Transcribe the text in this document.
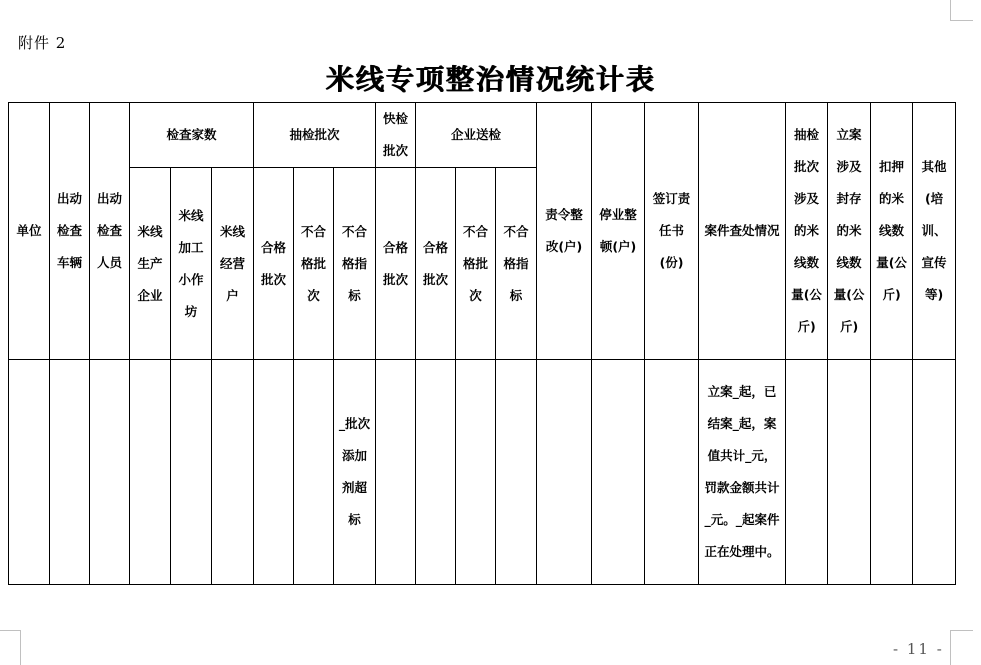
附件 2
米线专项整治情况统计表
单位	出动检查车辆	出动检查人员	检查家数			抽检批次			快检批次	企业送检			责令整改(户)	停业整顿(户)	签订责任书(份)	案件查处情况	抽检批次涉及的米线数量(公斤)	立案涉及封存的米线数量(公斤)	扣押的米线数量(公斤)	其他(培训、宣传等)
			米线生产企业	米线加工小作坊	米线经营户	合格批次	不合格批次	不合格指标	合格批次	合格批次	不合格批次	不合格指标								
								_批次添加剂超标								立案_起，已结案_起，案值共计_元，罚款金额共计_元。_起案件正在处理中。				
- 11 -
